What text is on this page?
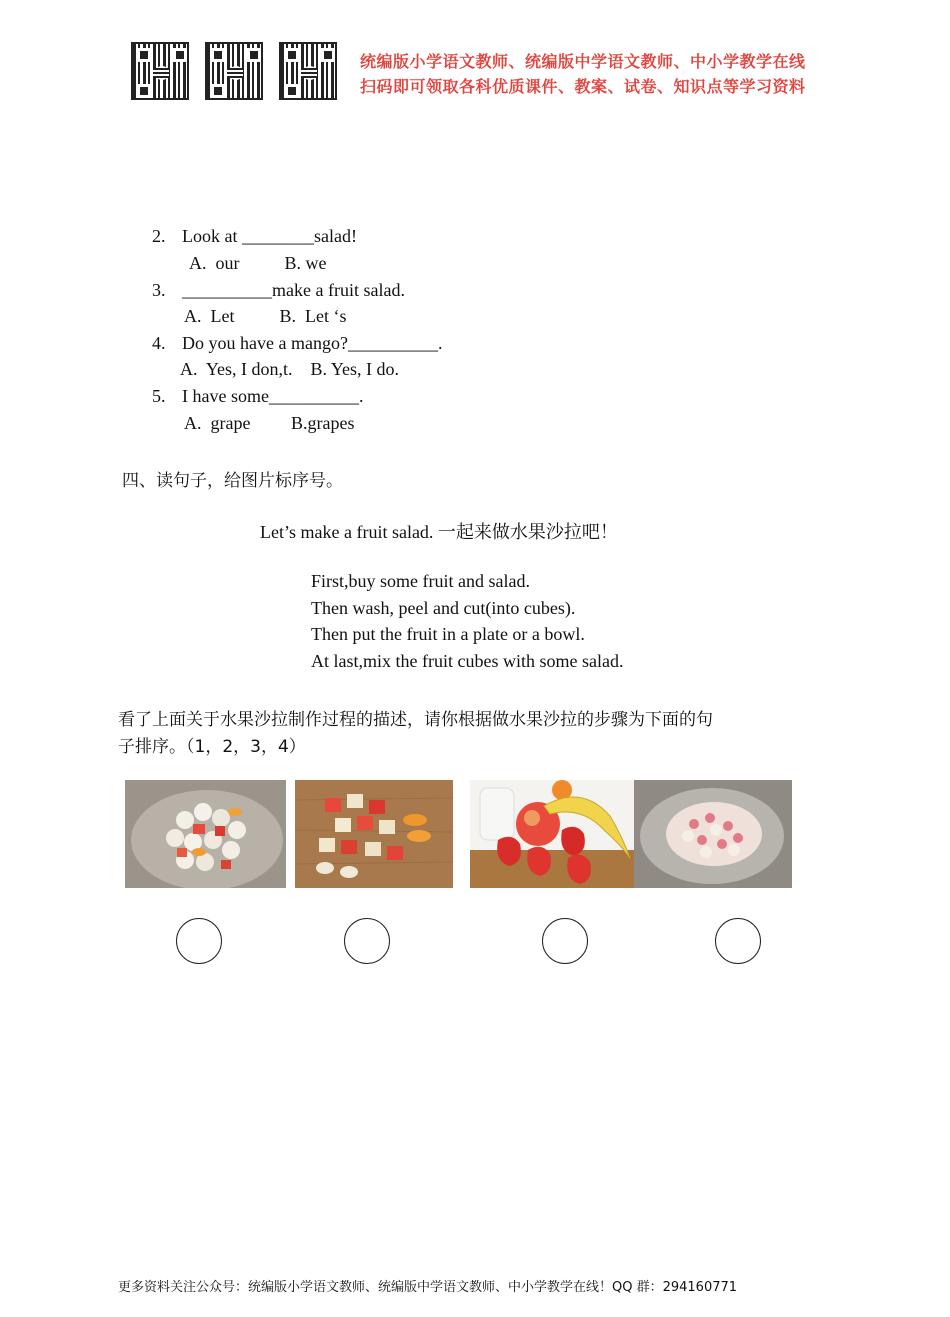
统编版小学语文教师、统编版中学语文教师、中小学教学在线
扫码即可领取各科优质课件、教案、试卷、知识点等学习资料
2. Look at ________salad!
A.  our          B. we
3. __________make a fruit salad.
A.  Let          B.  Let ‘s
4. Do you have a mango?__________.
A.  Yes, I don,t.    B. Yes, I do.
5. I have some__________.
A.  grape         B.grapes
四、读句子，给图片标序号。
Let’s make a fruit salad. 一起来做水果沙拉吧！
First,buy some fruit and salad.
Then wash, peel and cut(into cubes).
Then put the fruit in a plate or a bowl.
At last,mix the fruit cubes with some salad.
看了上面关于水果沙拉制作过程的描述，请你根据做水果沙拉的步骤为下面的句
子排序。（1，2，3，4）
更多资料关注公众号：统编版小学语文教师、统编版中学语文教师、中小学教学在线！QQ 群：294160771
